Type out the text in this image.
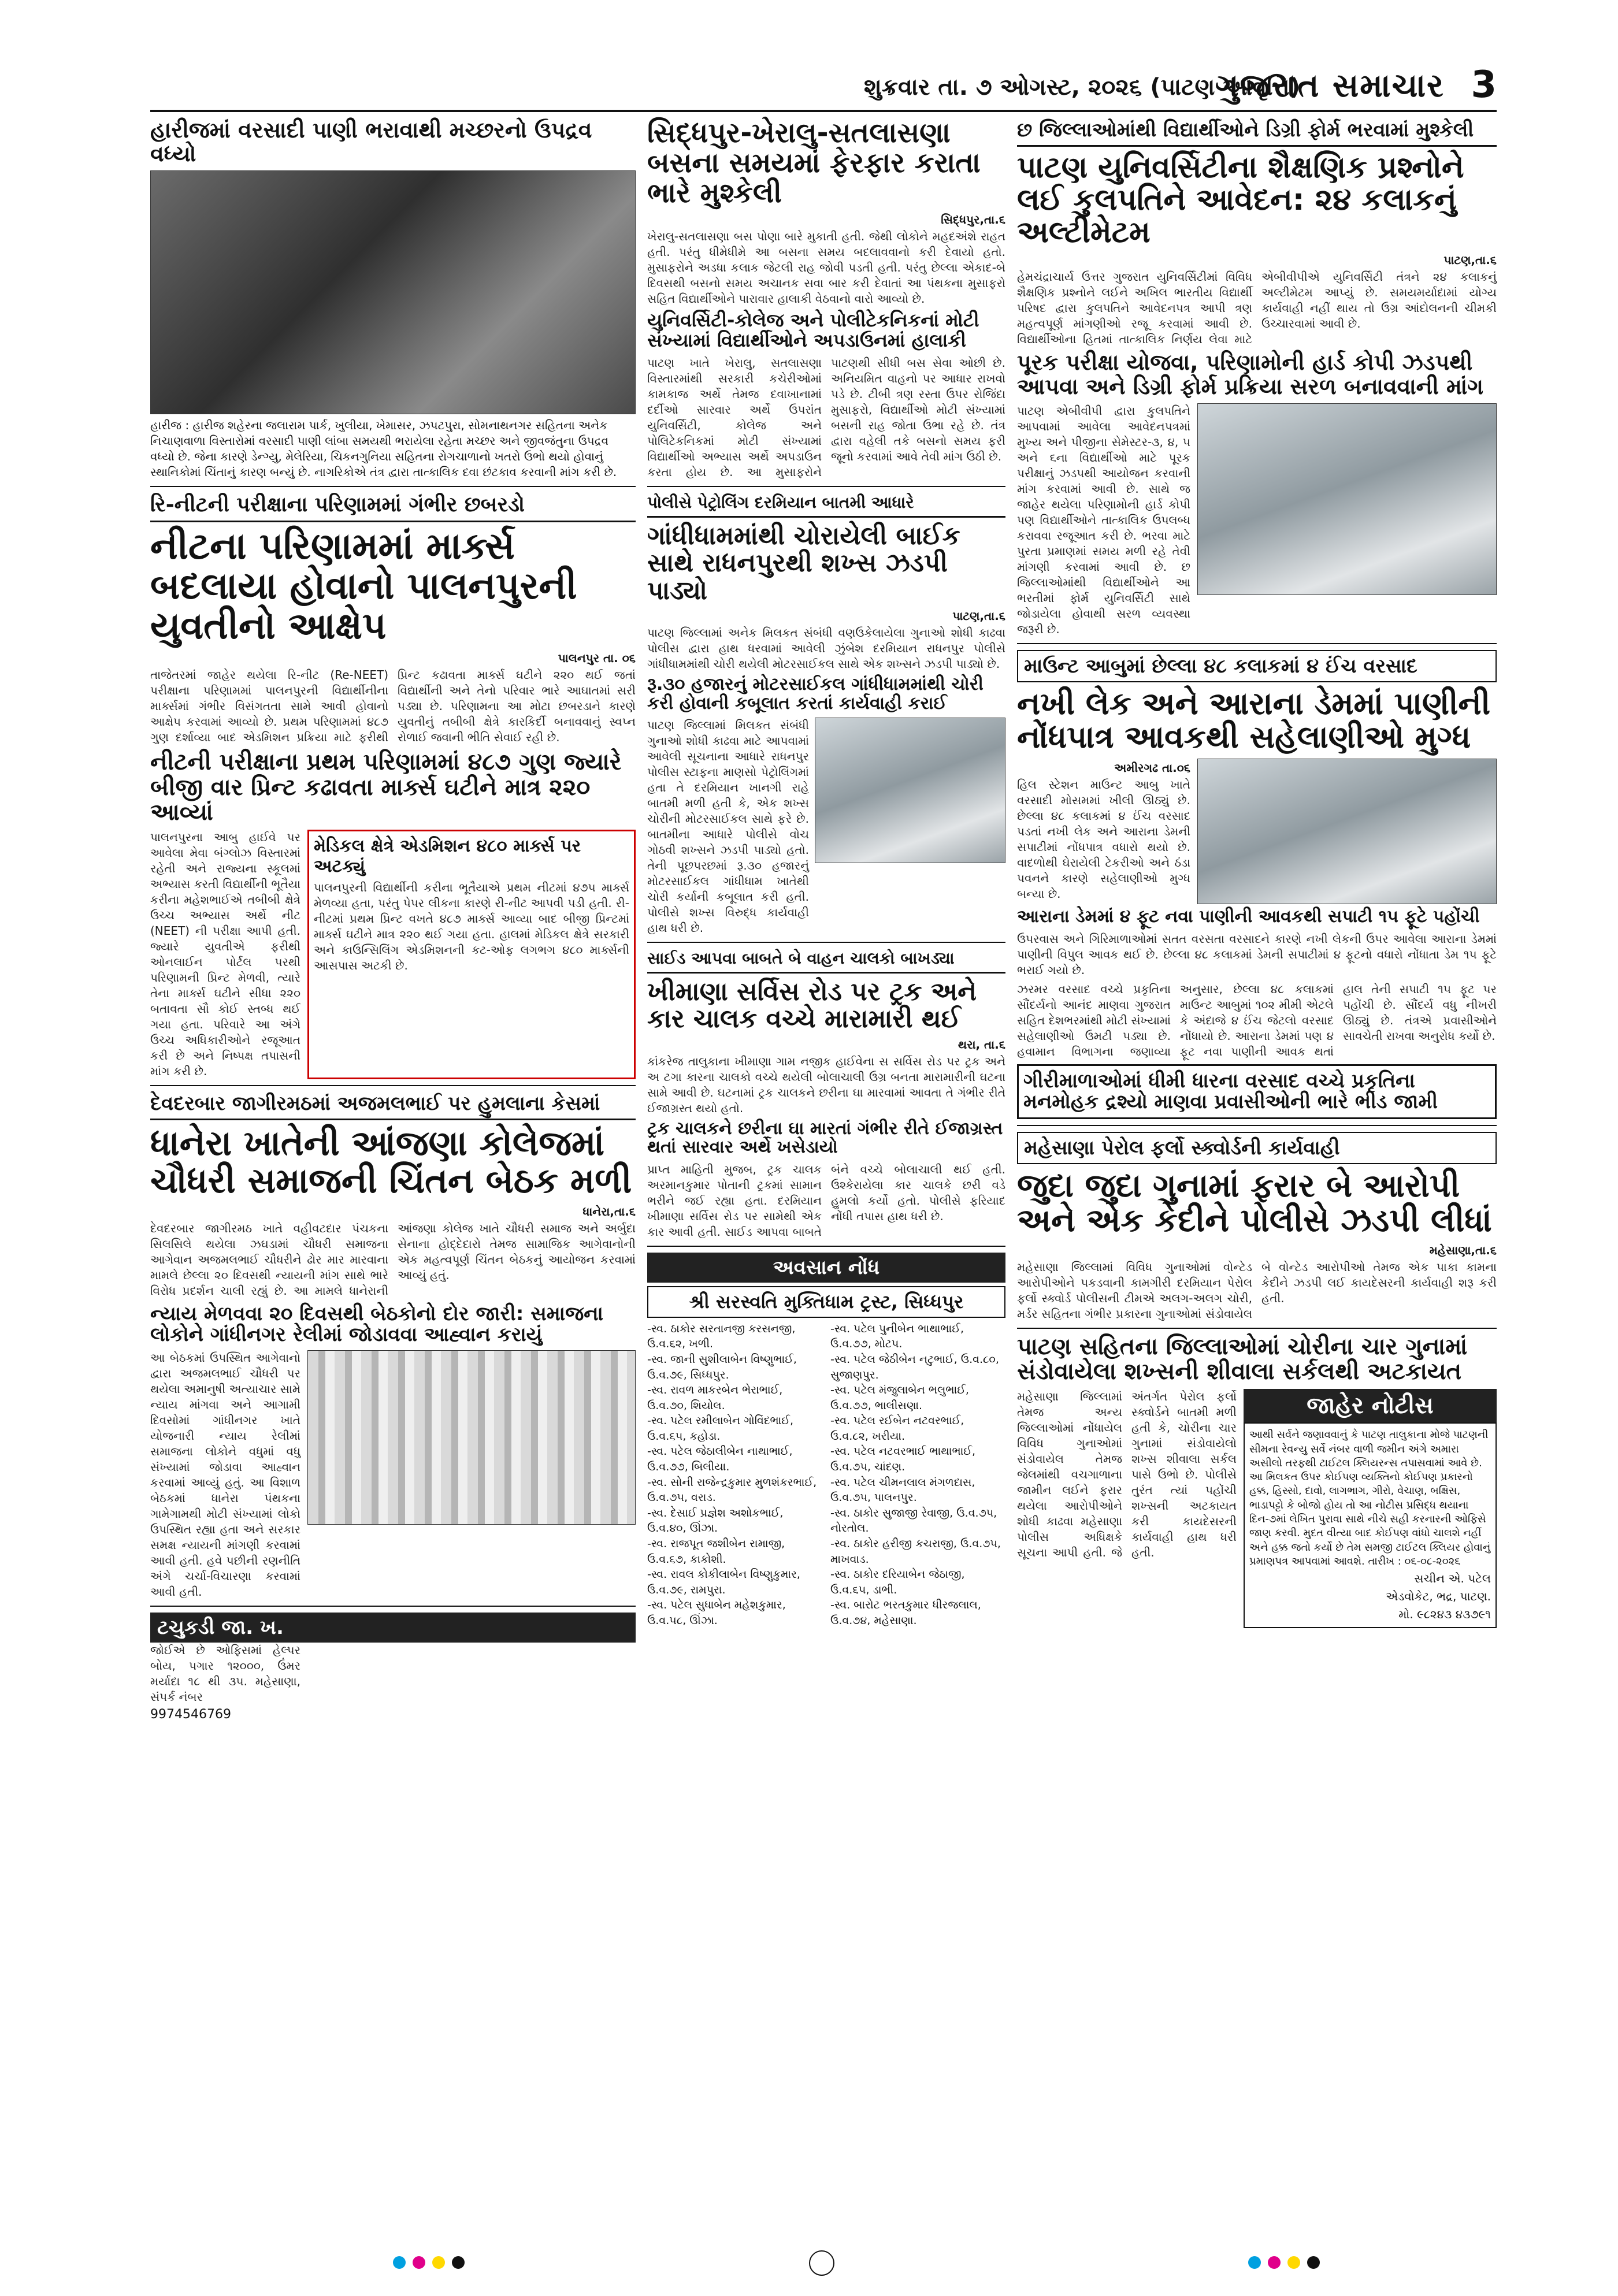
શુક્રવાર તા. ૭ ઓગસ્ટ, ૨૦૨૬ (પાટણ આવૃત્તિ)
ગુજરાત સમાચાર 3
હારીજમાં વરસાદી પાણી ભરાવાથી મચ્છરનો ઉપદ્રવ વધ્યો
હારીજ : હારીજ શહેરના જલારામ પાર્ક, ખુલીયા, ખેમાસર, ઝપટપુરા, સોમનાથનગર સહિતના અનેક નિચાણવાળા વિસ્તારોમાં વરસાદી પાણી લાંબા સમયથી ભરાયેલા રહેતા મચ્છર અને જીવજંતુના ઉપદ્રવ વધ્યો છે. જેના કારણે ડેન્ગ્યુ, મેલેરિયા, ચિકનગુનિયા સહિતના રોગચાળાનો ખતરો ઉભો થયો હોવાનું સ્થાનિકોમાં ચિંતાનું કારણ બન્યું છે. નાગરિકોએ તંત્ર દ્વારા તાત્કાલિક દવા છંટકાવ કરવાની માંગ કરી છે.
રિ-નીટની પરીક્ષાના પરિણામમાં ગંભીર છબરડો
નીટના પરિણામમાં માર્ક્સ બદલાયા હોવાનો પાલનપુરની યુવતીનો આક્ષેપ
પાલનપુર તા. ૦૬
તાજેતરમાં જાહેર થયેલા રિ-નીટ (Re-NEET) પરીક્ષાના પરિણામમાં પાલનપુરની વિદ્યાર્થીનીના માર્ક્સમાં ગંભીર વિસંગતતા સામે આવી હોવાનો આક્ષેપ કરવામાં આવ્યો છે. પ્રથમ પરિણામમાં ૪૮૭ ગુણ દર્શાવ્યા બાદ એડમિશન પ્રક્રિયા માટે ફરીથી પ્રિન્ટ કઢાવતા માર્ક્સ ઘટીને ૨૨૦ થઈ જતાં વિદ્યાર્થીની અને તેનો પરિવાર ભારે આઘાતમાં સરી પડ્યા છે. પરિણામના આ મોટા છબરડાને કારણે યુવતીનું તબીબી ક્ષેત્રે કારકિર્દી બનાવવાનું સ્વપ્ન રોળાઈ જવાની ભીતિ સેવાઈ રહી છે.
નીટની પરીક્ષાના પ્રથમ પરિણામમાં ૪૮૭ ગુણ જ્યારે બીજી વાર પ્રિન્ટ કઢાવતા માર્ક્સ ઘટીને માત્ર ૨૨૦ આવ્યાં
પાલનપુરના આબુ હાઈવે પર આવેલા મેવા બંગ્લોઝ વિસ્તારમાં રહેતી અને રાજ્યના સ્કૂલમાં અભ્યાસ કરતી વિદ્યાર્થીની ભૂતૈયા કરીના મહેશભાઈએ તબીબી ક્ષેત્રે ઉચ્ચ અભ્યાસ અર્થે નીટ (NEET) ની પરીક્ષા આપી હતી. જ્યારે યુવતીએ ફરીથી ઓનલાઈન પોર્ટલ પરથી પરિણામની પ્રિન્ટ મેળવી, ત્યારે તેના માર્ક્સ ઘટીને સીધા ૨૨૦ બતાવતા સૌ કોઈ સ્તબ્ધ થઈ ગયા હતા. પરિવારે આ અંગે ઉચ્ચ અધિકારીઓને રજૂઆત કરી છે અને નિષ્પક્ષ તપાસની માંગ કરી છે.
મેડિકલ ક્ષેત્રે એડમિશન ૪૮૦ માર્ક્સ પર અટક્યું
પાલનપુરની વિદ્યાર્થીની કરીના ભૂતૈયાએ પ્રથમ નીટમાં ૪૭૫ માર્ક્સ મેળવ્યા હતા, પરંતુ પેપર લીકના કારણે રી-નીટ આપવી પડી હતી. રી-નીટમાં પ્રથમ પ્રિન્ટ વખતે ૪૮૭ માર્ક્સ આવ્યા બાદ બીજી પ્રિન્ટમાં માર્ક્સ ઘટીને માત્ર ૨૨૦ થઈ ગયા હતા. હાલમાં મેડિકલ ક્ષેત્રે સરકારી અને કાઉન્સિલિંગ એડમિશનની કટ-ઓફ લગભગ ૪૮૦ માર્ક્સની આસપાસ અટકી છે.
દેવદરબાર જાગીરમઠમાં અજમલભાઈ પર હુમલાના કેસમાં
ધાનેરા ખાતેની આંજણા કોલેજમાં ચૌધરી સમાજની ચિંતન બેઠક મળી
ધાનેરા,તા.૬
દેવદરબાર જાગીરમઠ ખાતે વહીવટદાર પંચકના સિલસિલે થયેલા ઝઘડામાં ચૌધરી સમાજના આગેવાન અજમલભાઈ ચૌધરીને ઢોર માર મારવાના મામલે છેલ્લા ૨૦ દિવસથી ન્યાયની માંગ સાથે ભારે વિરોધ પ્રદર્શન ચાલી રહ્યું છે. આ મામલે ધાનેરાની આંજણા કોલેજ ખાતે ચૌધરી સમાજ અને અર્બુદા સેનાના હોદ્દેદારો તેમજ સામાજિક આગેવાનોની એક મહત્વપૂર્ણ ચિંતન બેઠકનું આયોજન કરવામાં આવ્યું હતું.
ન્યાય મેળવવા ૨૦ દિવસથી બેઠકોનો દોર જારી: સમાજના લોકોને ગાંધીનગર રેલીમાં જોડાવવા આહ્વાન કરાયું
આ બેઠકમાં ઉપસ્થિત આગેવાનો દ્વારા અજમલભાઈ ચૌધરી પર થયેલા અમાનુષી અત્યાચાર સામે ન્યાય માંગવા અને આગામી દિવસોમાં ગાંધીનગર ખાતે યોજનારી ન્યાય રેલીમાં સમાજના લોકોને વધુમાં વધુ સંખ્યામાં જોડાવા આહ્વાન કરવામાં આવ્યું હતું. આ વિશાળ બેઠકમાં ધાનેરા પંથકના ગામેગામથી મોટી સંખ્યામાં લોકો ઉપસ્થિત રહ્યા હતા અને સરકાર સમક્ષ ન્યાયની માંગણી કરવામાં આવી હતી. હવે પછીની રણનીતિ અંગે ચર્ચા-વિચારણા કરવામાં આવી હતી.
ટચુકડી જા. ખ.
જોઈએ છે ઓફિસમાં હેલ્પર બોય, પગાર ૧૨૦૦૦, ઉંમર મર્યાદા ૧૮ થી ૩૫. મહેસાણા, સંપર્ક નંબર
9974546769
સિદ્ધપુર-ખેરાલુ-સતલાસણા બસના સમયમાં ફેરફાર કરાતા ભારે મુશ્કેલી
સિદ્ધપુર,તા.૬
ખેરાલુ-સતલાસણા બસ પોણા બારે મુકાતી હતી. જેથી લોકોને મહદઅંશે રાહત હતી. પરંતુ ધીમેધીમે આ બસના સમય બદલાવવાનો કરી દેવાયો હતો. મુસાફરોને અડધા કલાક જેટલી રાહ જોવી પડતી હતી. પરંતુ છેલ્લા એકાદ-બે દિવસથી બસનો સમય અચાનક સવા બાર કરી દેવાતાં આ પંથકના મુસાફરો સહિત વિદ્યાર્થીઓને પારાવાર હાલાકી વેઠવાનો વારો આવ્યો છે.
યુનિવર્સિટી-કોલેજ અને પોલીટેકનિકનાં મોટી સંખ્યામાં વિદ્યાર્થીઓને અપડાઉનમાં હાલાકી
પાટણ ખાતે ખેરાલુ, સતલાસણા વિસ્તારમાંથી સરકારી કચેરીઓમાં કામકાજ અર્થે તેમજ દવાખાનામાં દર્દીઓ સારવાર અર્થે ઉપરાંત યુનિવર્સિટી, કોલેજ અને પોલિટેકનિકમાં મોટી સંખ્યામાં વિદ્યાર્થીઓ અભ્યાસ અર્થે અપડાઉન કરતા હોય છે. આ મુસાફરોને પાટણથી સીધી બસ સેવા ઓછી છે. અનિયમિત વાહનો પર આધાર રાખવો પડે છે. ટીબી ત્રણ રસ્તા ઉપર રોજિંદા મુસાફરો, વિદ્યાર્થીઓ મોટી સંખ્યામાં બસની રાહ જોતા ઉભા રહે છે. તંત્ર દ્વારા વહેલી તકે બસનો સમય ફરી જૂનો કરવામાં આવે તેવી માંગ ઉઠી છે.
પોલીસે પેટ્રોલિંગ દરમિયાન બાતમી આધારે
ગાંધીધામમાંથી ચોરાયેલી બાઈક સાથે રાધનપુરથી શખ્સ ઝડપી પાડ્યો
પાટણ,તા.૬
પાટણ જિલ્લામાં અનેક મિલકત સંબંધી વણઉકેલાયેલા ગુનાઓ શોધી કાઢવા પોલીસ દ્વારા હાથ ધરવામાં આવેલી ઝુંબેશ દરમિયાન રાધનપુર પોલીસે ગાંધીધામમાંથી ચોરી થયેલી મોટરસાઈકલ સાથે એક શખ્સને ઝડપી પાડ્યો છે.
રૂ.૩૦ હજારનું મોટરસાઈકલ ગાંધીધામમાંથી ચોરી કરી હોવાની કબૂલાત કરતાં કાર્યવાહી કરાઈ
પાટણ જિલ્લામાં મિલકત સંબંધી ગુનાઓ શોધી કાઢવા માટે આપવામાં આવેલી સૂચનાના આધારે રાધનપુર પોલીસ સ્ટાફના માણસો પેટ્રોલિંગમાં હતા તે દરમિયાન ખાનગી રાહે બાતમી મળી હતી કે, એક શખ્સ ચોરીની મોટરસાઈકલ સાથે ફરે છે. બાતમીના આધારે પોલીસે વોચ ગોઠવી શખ્સને ઝડપી પાડ્યો હતો. તેની પૂછપરછમાં રૂ.૩૦ હજારનું મોટરસાઈકલ ગાંધીધામ ખાતેથી ચોરી કર્યાની કબૂલાત કરી હતી. પોલીસે શખ્સ વિરુદ્ધ કાર્યવાહી હાથ ધરી છે.
સાઈડ આપવા બાબતે બે વાહન ચાલકો બાખડ્યા
ખીમાણા સર્વિસ રોડ પર ટ્રક અને કાર ચાલક વચ્ચે મારામારી થઈ
થરા, તા.૬
કાંકરેજ તાલુકાના ખીમાણા ગામ નજીક હાઈવેના સ સર્વિસ રોડ પર ટ્રક અને અ ટગા કારના ચાલકો વચ્ચે થયેલી બોલાચાલી ઉગ્ર બનતા મારામારીની ઘટના સામે આવી છે. ઘટનામાં ટ્રક ચાલકને છરીના ઘા મારવામાં આવતા તે ગંભીર રીતે ઈજાગ્રસ્ત થયો હતો.
ટ્રક ચાલકને છરીના ઘા મારતાં ગંભીર રીતે ઈજાગ્રસ્ત થતાં સારવાર અર્થે ખસેડાયો
પ્રાપ્ત માહિતી મુજબ, ટ્રક ચાલક અરમાનકુમાર પોતાની ટ્રકમાં સામાન ભરીને જઈ રહ્યા હતા. દરમિયાન ખીમાણા સર્વિસ રોડ પર સામેથી એક કાર આવી હતી. સાઈડ આપવા બાબતે બંને વચ્ચે બોલાચાલી થઈ હતી. ઉશ્કેરાયેલા કાર ચાલકે છરી વડે હુમલો કર્યો હતો. પોલીસે ફરિયાદ નોંધી તપાસ હાથ ધરી છે.
અવસાન નોંધ
શ્રી સરસ્વતિ મુક્તિધામ ટ્રસ્ટ, સિધ્ધપુર
-સ્વ. ઠાકોર સરતાનજી કરસનજી, ઉ.વ.૬૨, ખળી.
-સ્વ. જાની સુશીલાબેન વિષ્ણુભાઈ, ઉ.વ.૭૯, સિધ્ધપુર.
-સ્વ. રાવળ માકરબેન ભેરાભાઈ, ઉ.વ.૭૦, શિયોલ.
-સ્વ. પટેલ રમીલાબેન ગોવિંદભાઈ, ઉ.વ.૬૫, કહોડા.
-સ્વ. પટેલ જેઠાલીબેન નાથાભાઈ, ઉ.વ.૭૭, બિલીયા.
-સ્વ. સોની રાજેન્દ્રકુમાર મુળશંકરભાઈ, ઉ.વ.૭૫, વરાડ.
-સ્વ. દેસાઈ પ્રજ્ઞેશ અશોકભાઈ, ઉ.વ.૪૦, ઊંઝા.
-સ્વ. રાજપૂત જશીબેન રામાજી, ઉ.વ.૬૭, કાકોશી.
-સ્વ. રાવલ કોકીલાબેન વિષ્ણુકુમાર, ઉ.વ.૭૯, રામપુરા.
-સ્વ. પટેલ સુધાબેન મહેશકુમાર, ઉ.વ.૫૮, ઊંઝા.
-સ્વ. પટેલ પુનીબેન ભાથાભાઈ, ઉ.વ.૭૭, મોટપ.
-સ્વ. પટેલ જેઠીબેન નટુભાઈ, ઉ.વ.૮૦, સુજાણપુર.
-સ્વ. પટેલ મંજુલાબેન ભલુભાઈ, ઉ.વ.૭૭, ભાલીસણા.
-સ્વ. પટેલ રઈબેન નટવરભાઈ, ઉ.વ.૮૨, ખરીયા.
-સ્વ. પટેલ નટવરભાઈ ભાથાભાઈ, ઉ.વ.૭૫, ચાંદણ.
-સ્વ. પટેલ ચીમનલાલ મંગળદાસ, ઉ.વ.૭૫, પાલનપુર.
-સ્વ. ઠાકોર સુજાજી રેવાજી, ઉ.વ.૭૫, નોરતોલ.
-સ્વ. ઠાકોર હરીજી કચરાજી, ઉ.વ.૭૫, માખવાડ.
-સ્વ. ઠાકોર દરિયાબેન જેઠાજી, ઉ.વ.૬૫, ડાભી.
-સ્વ. બારોટ ભરતકુમાર ધીરજલાલ, ઉ.વ.૭૪, મહેસાણા.
છ જિલ્લાઓમાંથી વિદ્યાર્થીઓને ડિગ્રી ફોર્મ ભરવામાં મુશ્કેલી
પાટણ યુનિવર્સિટીના શૈક્ષણિક પ્રશ્નોને લઈ કુલપતિને આવેદન: ૨૪ કલાકનું અલ્ટીમેટમ
પાટણ,તા.૬
હેમચંદ્રાચાર્ય ઉત્તર ગુજરાત યુનિવર્સિટીમાં વિવિધ શૈક્ષણિક પ્રશ્નોને લઈને અખિલ ભારતીય વિદ્યાર્થી પરિષદ દ્વારા કુલપતિને આવેદનપત્ર આપી ત્રણ મહત્વપૂર્ણ માંગણીઓ રજૂ કરવામાં આવી છે. વિદ્યાર્થીઓના હિતમાં તાત્કાલિક નિર્ણય લેવા માટે એબીવીપીએ યુનિવર્સિટી તંત્રને ૨૪ કલાકનું અલ્ટીમેટમ આપ્યું છે. સમયમર્યાદામાં યોગ્ય કાર્યવાહી નહીં થાય તો ઉગ્ર આંદોલનની ચીમકી ઉચ્ચારવામાં આવી છે.
પૂરક પરીક્ષા યોજવા, પરિણામોની હાર્ડ કોપી ઝડપથી આપવા અને ડિગ્રી ફોર્મ પ્રક્રિયા સરળ બનાવવાની માંગ
પાટણ એબીવીપી દ્વારા કુલપતિને આપવામાં આવેલા આવેદનપત્રમાં મુખ્ય અને પીજીના સેમેસ્ટર-૩, ૪, ૫ અને ૬ના વિદ્યાર્થીઓ માટે પૂરક પરીક્ષાનું ઝડપથી આયોજન કરવાની માંગ કરવામાં આવી છે. સાથે જ જાહેર થયેલા પરિણામોની હાર્ડ કોપી પણ વિદ્યાર્થીઓને તાત્કાલિક ઉપલબ્ધ કરાવવા રજૂઆત કરી છે. ભરવા માટે પુરતા પ્રમાણમાં સમય મળી રહે તેવી માંગણી કરવામાં આવી છે. છ જિલ્લાઓમાંથી વિદ્યાર્થીઓને આ ભરતીમાં ફોર્મ યુનિવર્સિટી સાથે જોડાયેલા હોવાથી સરળ વ્યવસ્થા જરૂરી છે.
માઉન્ટ આબુમાં છેલ્લા ૪૮ કલાકમાં ૪ ઈંચ વરસાદ
નખી લેક અને આરાના ડેમમાં પાણીની નોંધપાત્ર આવકથી સહેલાણીઓ મુગ્ધ
અમીરગઢ તા.૦૬
હિલ સ્ટેશન માઉન્ટ આબુ ખાતે વરસાદી મોસમમાં ખીલી ઊઠ્યું છે. છેલ્લા ૪૮ કલાકમાં ૪ ઈંચ વરસાદ પડતાં નખી લેક અને આરાના ડેમની સપાટીમાં નોંધપાત્ર વધારો થયો છે. વાદળોથી ઘેરાયેલી ટેકરીઓ અને ઠંડા પવનને કારણે સહેલાણીઓ મુગ્ધ બન્યા છે.
આરાના ડેમમાં ૪ ફૂટ નવા પાણીની આવકથી સપાટી ૧૫ ફૂટે પહોંચી
ઉપરવાસ અને ગિરિમાળાઓમાં સતત વરસતા વરસાદને કારણે નખી લેકની ઉપર આવેલા આરાના ડેમમાં પાણીની વિપુલ આવક થઈ છે. છેલ્લા ૪૮ કલાકમાં ડેમની સપાટીમાં ૪ ફૂટનો વધારો નોંધાતા ડેમ ૧૫ ફૂટે ભરાઈ ગયો છે.
ઝરમર વરસાદ વચ્ચે પ્રકૃતિના સૌંદર્યનો આનંદ માણવા ગુજરાત સહિત દેશભરમાંથી મોટી સંખ્યામાં સહેલાણીઓ ઉમટી પડ્યા છે. હવામાન વિભાગના જણાવ્યા અનુસાર, છેલ્લા ૪૮ કલાકમાં માઉન્ટ આબુમાં ૧૦૨ મીમી એટલે કે અંદાજે ૪ ઈંચ જેટલો વરસાદ નોંધાયો છે. આરાના ડેમમાં પણ ૪ ફૂટ નવા પાણીની આવક થતાં હાલ તેની સપાટી ૧૫ ફૂટ પર પહોંચી છે. સૌંદર્ય વધુ નીખરી ઊઠ્યું છે. તંત્રએ પ્રવાસીઓને સાવચેતી રાખવા અનુરોધ કર્યો છે.
ગીરીમાળાઓમાં ધીમી ધારના વરસાદ વચ્ચે પ્રકૃતિના મનમોહક દ્રશ્યો માણવા પ્રવાસીઓની ભારે ભીડ જામી
મહેસાણા પેરોલ ફર્લો સ્ક્વોર્ડની કાર્યવાહી
જુદા જુદા ગુનામાં ફરાર બે આરોપી અને એક કેદીને પોલીસે ઝડપી લીધાં
મહેસાણા,તા.૬
મહેસાણા જિલ્લામાં વિવિધ ગુનાઓમાં વોન્ટેડ આરોપીઓને પકડવાની કામગીરી દરમિયાન પેરોલ ફર્લો સ્ક્વોર્ડ પોલીસની ટીમએ અલગ-અલગ ચોરી, મર્ડર સહિતના ગંભીર પ્રકારના ગુનાઓમાં સંડોવાયેલ બે વોન્ટેડ આરોપીઓ તેમજ એક પાકા કામના કેદીને ઝડપી લઈ કાયદેસરની કાર્યવાહી શરૂ કરી હતી.
પાટણ સહિતના જિલ્લાઓમાં ચોરીના ચાર ગુનામાં સંડોવાયેલા શખ્સની શીવાલા સર્કલથી અટકાયત
મહેસાણા જિલ્લામાં તેમજ અન્ય જિલ્લાઓમાં નોંધાયેલ વિવિધ ગુનાઓમાં સંડોવાયેલ તેમજ જેલમાંથી વચગાળાના જામીન લઈને ફરાર થયેલા આરોપીઓને શોધી કાઢવા મહેસાણા પોલીસ અધિક્ષકે સૂચના આપી હતી. જે અંતર્ગત પેરોલ ફર્લો સ્ક્વોર્ડને બાતમી મળી હતી કે, ચોરીના ચાર ગુનામાં સંડોવાયેલો શખ્સ શીવાલા સર્કલ પાસે ઉભો છે. પોલીસે તુરંત ત્યાં પહોંચી શખ્સની અટકાયત કરી કાયદેસરની કાર્યવાહી હાથ ધરી હતી.
જાહેર નોટીસ
આથી સર્વને જણાવવાનું કે પાટણ તાલુકાના મોજે પાટણની સીમના રેવન્યુ સર્વે નંબર વાળી જમીન અંગે અમારા અસીલો તરફથી ટાઈટલ ક્લિયરન્સ તપાસવામાં આવે છે. આ મિલકત ઉપર કોઈપણ વ્યક્તિનો કોઈપણ પ્રકારનો હક્ક, હિસ્સો, દાવો, લાગભાગ, ગીરો, વેચાણ, બક્ષિસ, ભાડાપટ્ટો કે બોજો હોય તો આ નોટીસ પ્રસિદ્ધ થયાના દિન-૭માં લેખિત પુરાવા સાથે નીચે સહી કરનારની ઓફિસે જાણ કરવી. મુદત વીત્યા બાદ કોઈપણ વાંધો ચાલશે નહીં અને હક્ક જતો કર્યો છે તેમ સમજી ટાઈટલ ક્લિયર હોવાનું પ્રમાણપત્ર આપવામાં આવશે. તારીખ : ૦૬-૦૮-૨૦૨૬
સચીન એ. પટેલ
એડવોકેટ, ભદ્ર, પાટણ.
મો. ૯૮૨૪૩ ૪૩૭૯૧
